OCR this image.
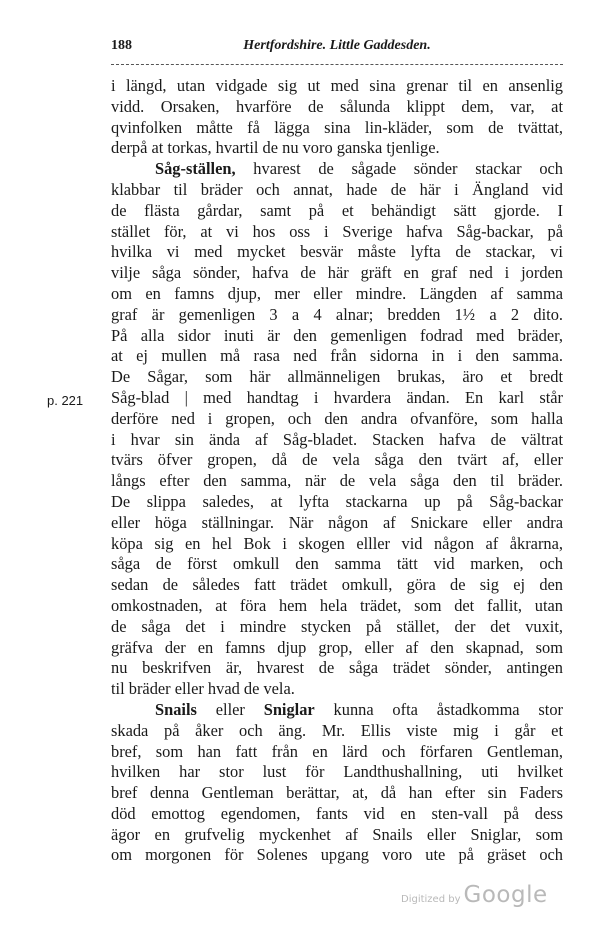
188	Hertfordshire. Little Gaddesden.
p. 221
i längd, utan vidgade sig ut med sina grenar til en ansenlig
vidd. Orsaken, hvarföre de sålunda klippt dem, var, at
qvinfolken måtte få lägga sina lin-kläder, som de tvättat,
derpå at torkas, hvartil de nu voro ganska tjenlige.
Såg-ställen, hvarest de sågade sönder stackar och
klabbar til bräder och annat, hade de här i Ängland vid
de flästa gårdar, samt på et behändigt sätt gjorde. I
stället för, at vi hos oss i Sverige hafva Såg-backar, på
hvilka vi med mycket besvär måste lyfta de stackar, vi
vilje såga sönder, hafva de här gräft en graf ned i jorden
om en famns djup, mer eller mindre. Längden af samma
graf är gemenligen 3 a 4 alnar; bredden 1½ a 2 dito.
På alla sidor inuti är den gemenligen fodrad med bräder,
at ej mullen må rasa ned från sidorna in i den samma.
De Sågar, som här allmänneligen brukas, äro et bredt
Såg-blad | med handtag i hvardera ändan. En karl står
derföre ned i gropen, och den andra ofvanföre, som halla
i hvar sin ända af Såg-bladet. Stacken hafva de vältrat
tvärs öfver gropen, då de vela såga den tvärt af, eller
långs efter den samma, när de vela såga den til bräder.
De slippa saledes, at lyfta stackarna up på Såg-backar
eller höga ställningar. När någon af Snickare eller andra
köpa sig en hel Bok i skogen elller vid någon af åkrarna,
såga de först omkull den samma tätt vid marken, och
sedan de således fatt trädet omkull, göra de sig ej den
omkostnaden, at föra hem hela trädet, som det fallit, utan
de såga det i mindre stycken på stället, der det vuxit,
gräfva der en famns djup grop, eller af den skapnad, som
nu beskrifven är, hvarest de såga trädet sönder, antingen
til bräder eller hvad de vela.
Snails eller Sniglar kunna ofta åstadkomma stor
skada på åker och äng. Mr. Ellis viste mig i går et
bref, som han fatt från en lärd och förfaren Gentleman,
hvilken har stor lust för Landthushallning, uti hvilket
bref denna Gentleman berättar, at, då han efter sin Faders
död emottog egendomen, fants vid en sten-vall på dess
ägor en grufvelig myckenhet af Snails eller Sniglar, som
om morgonen för Solenes upgang voro ute på gräset och
Digitized by Google
